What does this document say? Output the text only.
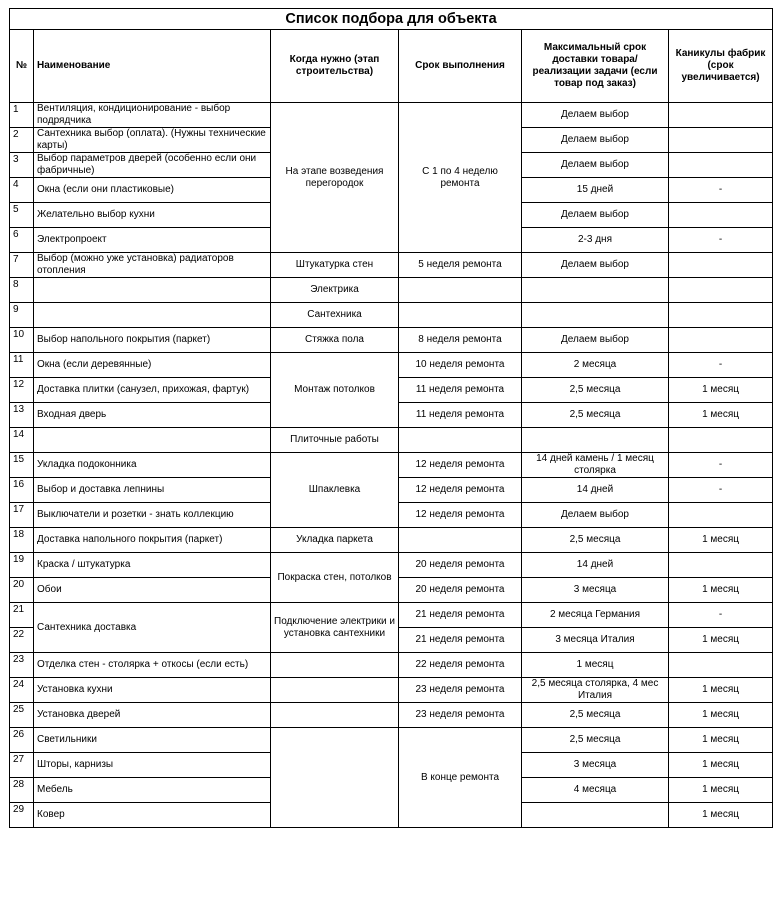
Список подбора для объекта					
№	Наименование	Когда нужно (этап строительства)	Срок выполнения	Максимальный срок доставки товара/реализации задачи (если товар под заказ)	Каникулы фабрик (срок увеличивается)
1	Вентиляция, кондиционирование - выбор подрядчика	На этапе возведения перегородок	С 1 по 4 неделю ремонта	Делаем выбор	
2	Сантехника выбор (оплата). (Нужны технические карты)			Делаем выбор	
3	Выбор параметров дверей (особенно если они фабричные)			Делаем выбор	
4	Окна (если они пластиковые)			15 дней	-
5	Желательно выбор кухни			Делаем выбор	
6	Электропроект			2-3 дня	-
7	Выбор (можно уже установка) радиаторов отопления	Штукатурка стен	5 неделя ремонта	Делаем выбор	
8		Электрика			
9		Сантехника			
10	Выбор напольного покрытия (паркет)	Стяжка пола	8 неделя ремонта	Делаем выбор	
11	Окна (если деревянные)	Монтаж потолков	10 неделя ремонта	2 месяца	-
12	Доставка плитки (санузел, прихожая, фартук)		11 неделя ремонта	2,5 месяца	1 месяц
13	Входная дверь		11 неделя ремонта	2,5 месяца	1 месяц
14		Плиточные работы			
15	Укладка подоконника	Шпаклевка	12 неделя ремонта	14 дней камень / 1 месяц столярка	-
16	Выбор и доставка лепнины		12 неделя ремонта	14 дней	-
17	Выключатели и розетки - знать коллекцию		12 неделя ремонта	Делаем выбор	
18	Доставка напольного покрытия (паркет)	Укладка паркета		2,5 месяца	1 месяц
19	Краска / штукатурка	Покраска стен, потолков	20 неделя ремонта	14 дней	
20	Обои		20 неделя ремонта	3 месяца	1 месяц
21	Сантехника доставка	Подключение электрики и установка сантехники	21 неделя ремонта	2 месяца Германия	-
22			21 неделя ремонта	3 месяца Италия	1 месяц
23	Отделка стен - столярка + откосы (если есть)		22 неделя ремонта	1 месяц	
24	Установка кухни		23 неделя ремонта	2,5 месяца столярка, 4 мес Италия	1 месяц
25	Установка дверей		23 неделя ремонта	2,5 месяца	1 месяц
26	Светильники		В конце ремонта	2,5 месяца	1 месяц
27	Шторы, карнизы			3 месяца	1 месяц
28	Мебель			4 месяца	1 месяц
29	Ковер				1 месяц
